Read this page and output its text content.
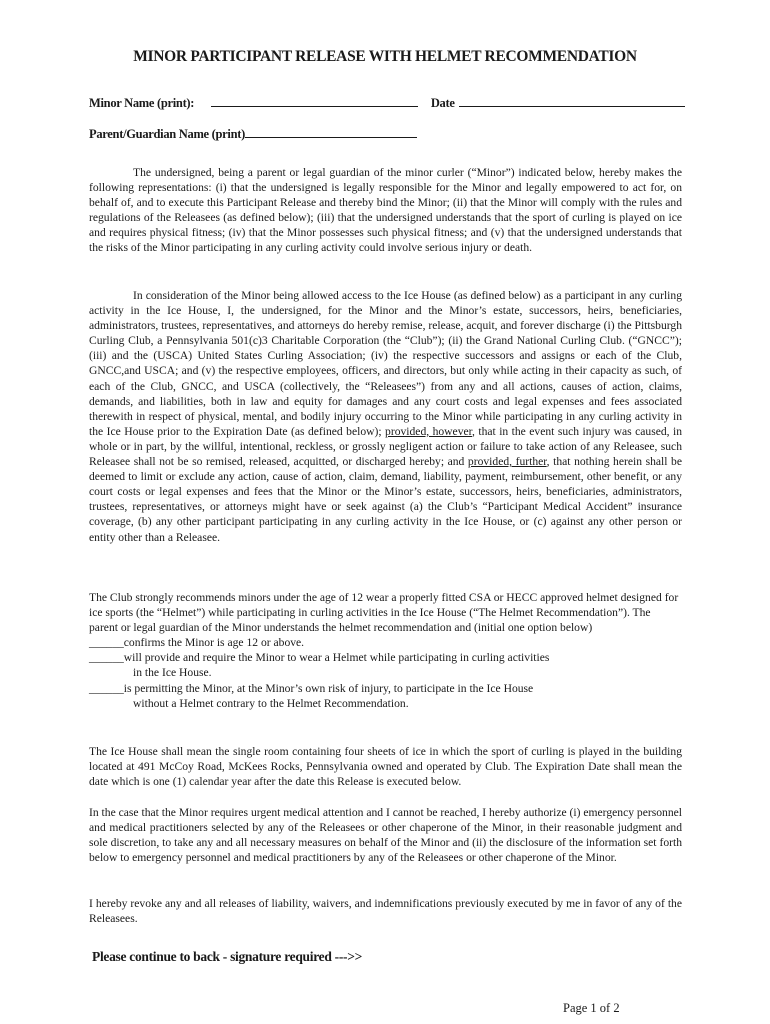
MINOR PARTICIPANT RELEASE WITH HELMET RECOMMENDATION
Minor Name (print):	Date
Parent/Guardian Name (print)

The undersigned, being a parent or legal guardian of the minor curler (“Minor”) indicated below, hereby makes the following representations: (i) that the undersigned is legally responsible for the Minor and legally empowered to act for, on behalf of, and to execute this Participant Release and thereby bind the Minor; (ii) that the Minor will comply with the rules and regulations of the Releasees (as defined below); (iii) that the undersigned understands that the sport of curling is played on ice and requires physical fitness; (iv) that the Minor possesses such physical fitness; and (v) that the undersigned understands that the risks of the Minor participating in any curling activity could involve serious injury or death.

In consideration of the Minor being allowed access to the Ice House (as defined below) as a participant in any curling activity in the Ice House, I, the undersigned, for the Minor and the Minor’s estate, successors, heirs, beneficiaries, administrators, trustees, representatives, and attorneys do hereby remise, release, acquit, and forever discharge (i) the Pittsburgh Curling Club, a Pennsylvania 501(c)3 Charitable Corporation (the “Club”); (ii) the Grand National Curling Club. (“GNCC”); (iii) and the (USCA) United States Curling Association; (iv) the respective successors and assigns or each of the Club, GNCC,and USCA; and (v) the respective employees, officers, and directors, but only while acting in their capacity as such, of each of the Club, GNCC, and USCA (collectively, the “Releasees”) from any and all actions, causes of action, claims, demands, and liabilities, both in law and equity for damages and any court costs and legal expenses and fees associated therewith in respect of physical, mental, and bodily injury occurring to the Minor while participating in any curling activity in the Ice House prior to the Expiration Date (as defined below); provided, however, that in the event such injury was caused, in whole or in part, by the willful, intentional, reckless, or grossly negligent action or failure to take action of any Releasee, such Releasee shall not be so remised, released, acquitted, or discharged hereby; and provided, further, that nothing herein shall be deemed to limit or exclude any action, cause of action, claim, demand, liability, payment, reimbursement, other benefit, or any court costs or legal expenses and fees that the Minor or the Minor’s estate, successors, heirs, beneficiaries, administrators, trustees, representatives, or attorneys might have or seek against (a) the Club’s “Participant Medical Accident” insurance coverage, (b) any other participant participating in any curling activity in the Ice House, or (c) against any other person or entity other than a Releasee.

The Club strongly recommends minors under the age of 12 wear a properly fitted CSA or HECC approved helmet designed for ice sports (the “Helmet”) while participating in curling activities in the Ice House (“The Helmet Recommendation”). The parent or legal guardian of the Minor understands the helmet recommendation and (initial one option below)

______confirms the Minor is age 12 or above.

______will provide and require the Minor to wear a Helmet while participating in curling activities
in the Ice House.

______is permitting the Minor, at the Minor’s own risk of injury, to participate in the Ice House
without a Helmet contrary to the Helmet Recommendation.

The Ice House shall mean the single room containing four sheets of ice in which the sport of curling is played in the building located at 491 McCoy Road, McKees Rocks, Pennsylvania owned and operated by Club. The Expiration Date shall mean the date which is one (1) calendar year after the date this Release is executed below.

In the case that the Minor requires urgent medical attention and I cannot be reached, I hereby authorize (i) emergency personnel and medical practitioners selected by any of the Releasees or other chaperone of the Minor, in their reasonable judgment and sole discretion, to take any and all necessary measures on behalf of the Minor and (ii) the disclosure of the information set forth below to emergency personnel and medical practitioners by any of the Releasees or other chaperone of the Minor.

I hereby revoke any and all releases of liability, waivers, and indemnifications previously executed by me in favor of any of the Releasees.

Please continue to back - signature required --->>
Page 1 of 2
